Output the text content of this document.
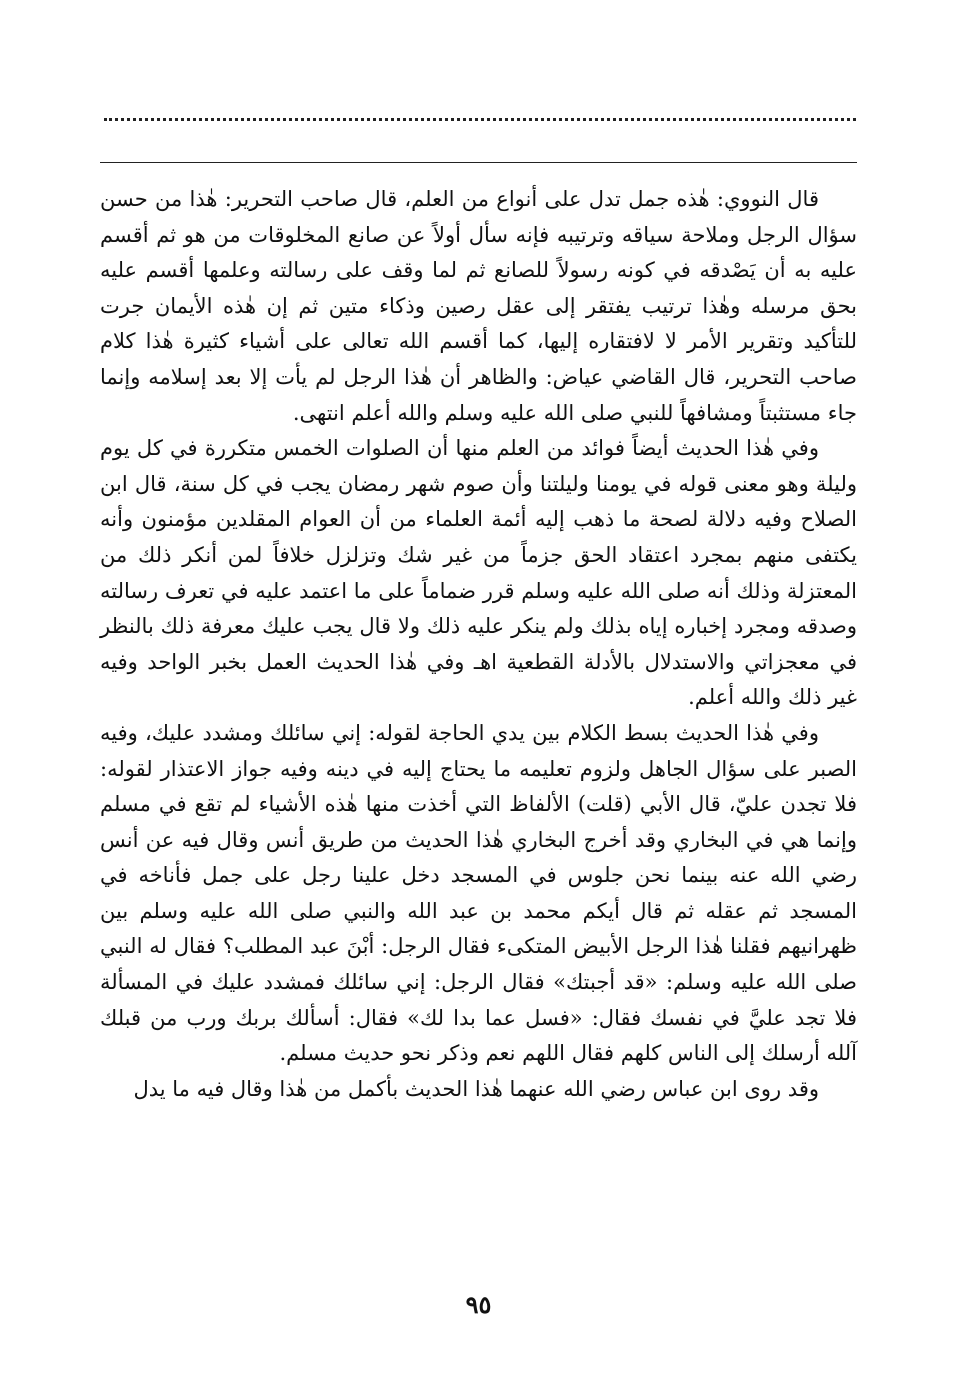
قال النووي: هٰذه جمل تدل على أنواع من العلم، قال صاحب التحرير: هٰذا من حسن سؤال الرجل وملاحة سياقه وترتيبه فإنه سأل أولاً عن صانع المخلوقات من هو ثم أقسم عليه به أن يَصْدقه في كونه رسولاً للصانع ثم لما وقف على رسالته وعلمها أقسم عليه بحق مرسله وهٰذا ترتيب يفتقر إلى عقل رصين وذكاء متين ثم إن هٰذه الأيمان جرت للتأكيد وتقرير الأمر لا لافتقاره إليها، كما أقسم الله تعالى على أشياء كثيرة هٰذا كلام صاحب التحرير، قال القاضي عياض: والظاهر أن هٰذا الرجل لم يأت إلا بعد إسلامه وإنما جاء مستثبتاً ومشافهاً للنبي صلى الله عليه وسلم والله أعلم انتهى.

وفي هٰذا الحديث أيضاً فوائد من العلم منها أن الصلوات الخمس متكررة في كل يوم وليلة وهو معنى قوله في يومنا وليلتنا وأن صوم شهر رمضان يجب في كل سنة، قال ابن الصلاح وفيه دلالة لصحة ما ذهب إليه أئمة العلماء من أن العوام المقلدين مؤمنون وأنه يكتفى منهم بمجرد اعتقاد الحق جزماً من غير شك وتزلزل خلافاً لمن أنكر ذلك من المعتزلة وذلك أنه صلى الله عليه وسلم قرر ضماماً على ما اعتمد عليه في تعرف رسالته وصدقه ومجرد إخباره إياه بذلك ولم ينكر عليه ذلك ولا قال يجب عليك معرفة ذلك بالنظر في معجزاتي والاستدلال بالأدلة القطعية اهـ وفي هٰذا الحديث العمل بخبر الواحد وفيه غير ذلك والله أعلم.

وفي هٰذا الحديث بسط الكلام بين يدي الحاجة لقوله: إني سائلك ومشدد عليك، وفيه الصبر على سؤال الجاهل ولزوم تعليمه ما يحتاج إليه في دينه وفيه جواز الاعتذار لقوله: فلا تجدن عليّ، قال الأبي (قلت) الألفاظ التي أخذت منها هٰذه الأشياء لم تقع في مسلم وإنما هي في البخاري وقد أخرج البخاري هٰذا الحديث من طريق أنس وقال فيه عن أنس رضي الله عنه بينما نحن جلوس في المسجد دخل علينا رجل على جمل فأناخه في المسجد ثم عقله ثم قال أيكم محمد بن عبد الله والنبي صلى الله عليه وسلم بين ظهرانيهم فقلنا هٰذا الرجل الأبيض المتكىء فقال الرجل: أبْنَ عبد المطلب؟ فقال له النبي صلى الله عليه وسلم: «قد أجبتك» فقال الرجل: إني سائلك فمشدد عليك في المسألة فلا تجد عليَّ في نفسك فقال: «فسل عما بدا لك» فقال: أسألك بربك ورب من قبلك آلله أرسلك إلى الناس كلهم فقال اللهم نعم وذكر نحو حديث مسلم.

وقد روى ابن عباس رضي الله عنهما هٰذا الحديث بأكمل من هٰذا وقال فيه ما يدل

٩٥
